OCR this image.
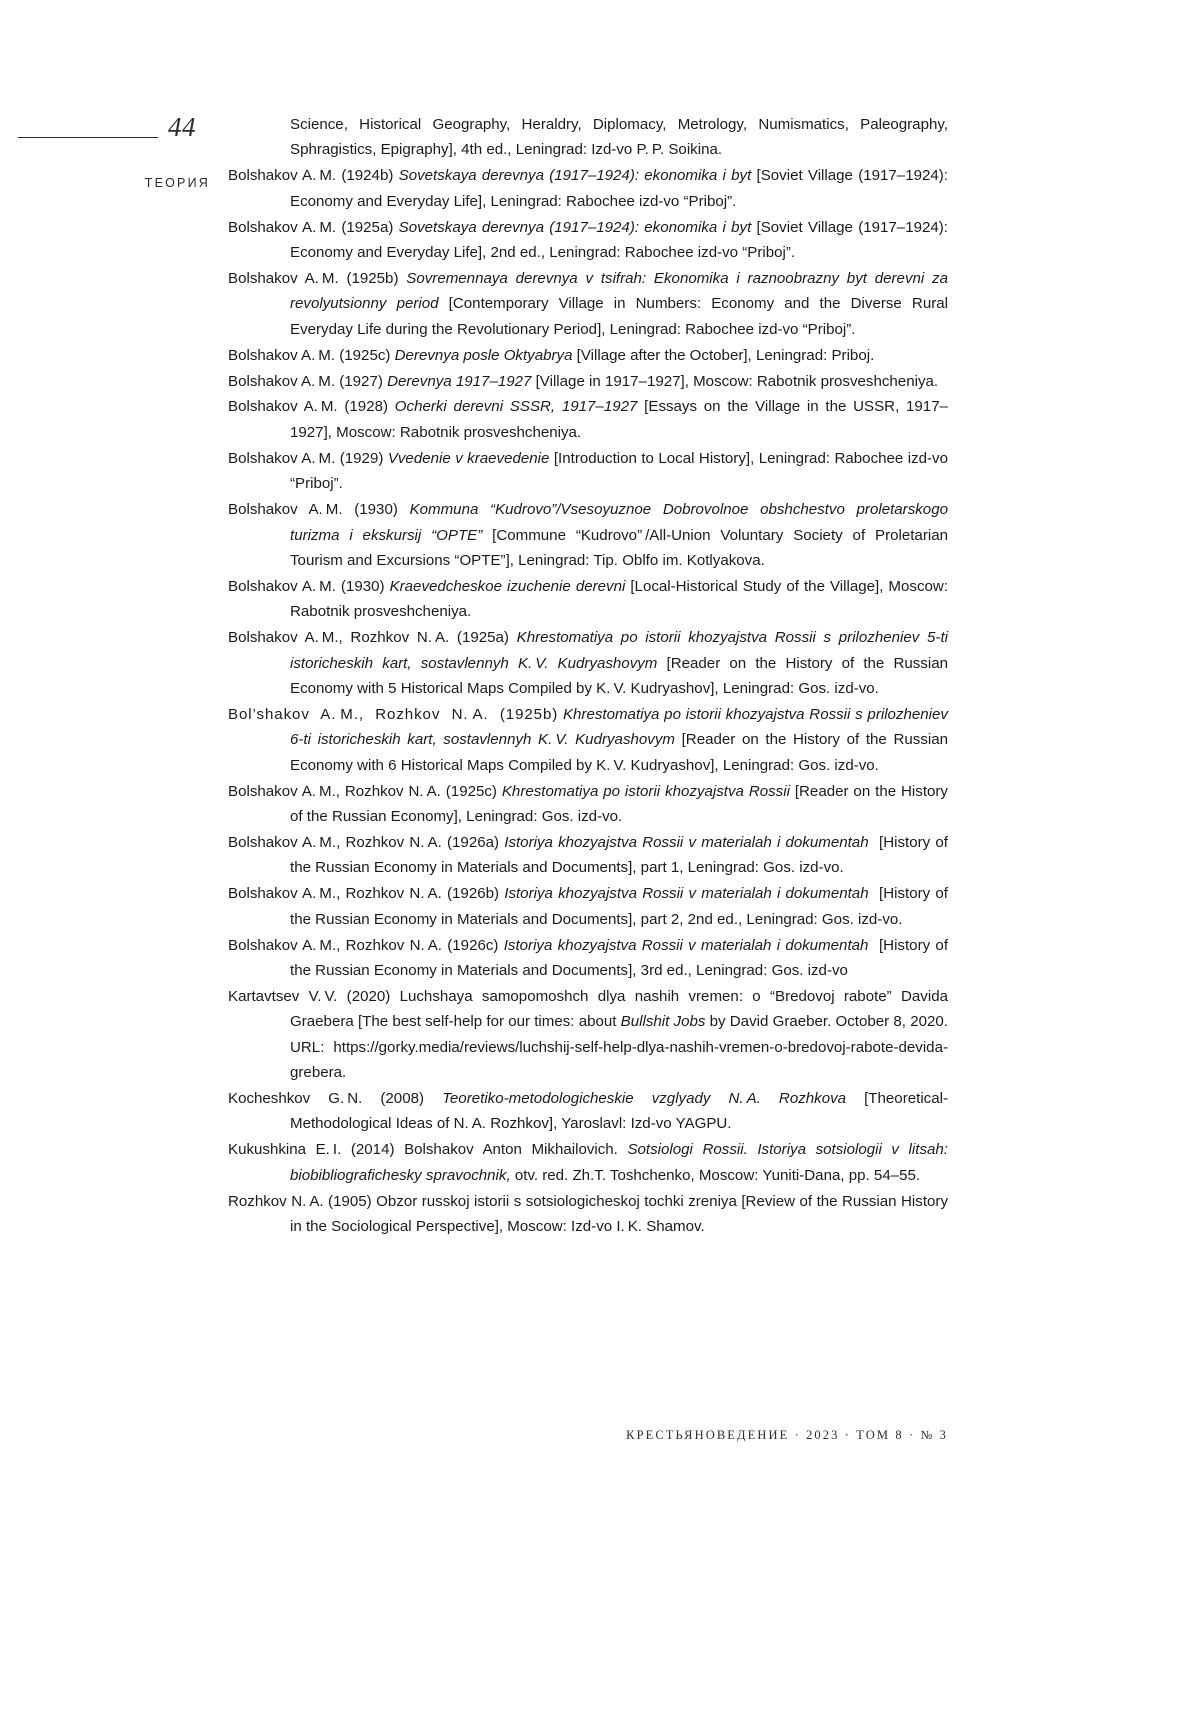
44
ТЕОРИЯ

Science, Historical Geography, Heraldry, Diplomacy, Metrology, Numismatics, Paleography, Sphragistics, Epigraphy], 4th ed., Leningrad: Izd-vo P. P. Soikina.

Bolshakov A. M. (1924b) Sovetskaya derevnya (1917–1924): ekonomika i byt [Soviet Village (1917–1924): Economy and Everyday Life], Leningrad: Rabochee izd-vo “Priboj”.

Bolshakov A. M. (1925a) Sovetskaya derevnya (1917–1924): ekonomika i byt [Soviet Village (1917–1924): Economy and Everyday Life], 2nd ed., Leningrad: Rabochee izd-vo “Priboj”.

Bolshakov A. M. (1925b) Sovremennaya derevnya v tsifrah: Ekonomika i raznoobrazny byt derevni za revolyutsionny period [Contemporary Village in Numbers: Economy and the Diverse Rural Everyday Life during the Revolutionary Period], Leningrad: Rabochee izd-vo “Priboj”.

Bolshakov A. M. (1925c) Derevnya posle Oktyabrya [Village after the October], Leningrad: Priboj.

Bolshakov A. M. (1927) Derevnya 1917–1927 [Village in 1917–1927], Moscow: Rabotnik prosveshcheniya.

Bolshakov A. M. (1928) Ocherki derevni SSSR, 1917–1927 [Essays on the Village in the USSR, 1917–1927], Moscow: Rabotnik prosveshcheniya.

Bolshakov A. M. (1929) Vvedenie v kraevedenie [Introduction to Local History], Leningrad: Rabochee izd-vo “Priboj”.

Bolshakov A. M. (1930) Kommuna “Kudrovo”/Vsesoyuznoe Dobrovolnoe obshchestvo proletarskogo turizma i ekskursij “OPTE” [Commune “Kudrovo” /All-Union Voluntary Society of Proletarian Tourism and Excursions “OPTE”], Leningrad: Tip. Oblfo im. Kotlyakova.

Bolshakov A. M. (1930) Kraevedcheskoe izuchenie derevni [Local-Historical Study of the Village], Moscow: Rabotnik prosveshcheniya.

Bolshakov A. M., Rozhkov N. A. (1925a) Khrestomatiya po istorii khozyajstva Rossii s prilozheniev 5-ti istoricheskih kart, sostavlennyh K. V. Kudryashovym [Reader on the History of the Russian Economy with 5 Historical Maps Compiled by K. V. Kudryashov], Leningrad: Gos. izd-vo.

Bol’shakov  A. M.,  Rozhkov  N. A.  (1925b) Khrestomatiya po istorii khozyajstva Rossii s prilozheniev 6-ti istoricheskih kart, sostavlennyh K. V. Kudryashovym [Reader on the History of the Russian Economy with 6 Historical Maps Compiled by K. V. Kudryashov], Leningrad: Gos. izd-vo.

Bolshakov A. M., Rozhkov N. A. (1925c) Khrestomatiya po istorii khozyajstva Rossii [Reader on the History of the Russian Economy], Leningrad: Gos. izd-vo.

Bolshakov A. M., Rozhkov N. A. (1926a) Istoriya khozyajstva Rossii v materialah i dokumentah  [History of the Russian Economy in Materials and Documents], part 1, Leningrad: Gos. izd-vo.

Bolshakov A. M., Rozhkov N. A. (1926b) Istoriya khozyajstva Rossii v materialah i dokumentah  [History of the Russian Economy in Materials and Documents], part 2, 2nd ed., Leningrad: Gos. izd-vo.

Bolshakov A. M., Rozhkov N. A. (1926c) Istoriya khozyajstva Rossii v materialah i dokumentah  [History of the Russian Economy in Materials and Documents], 3rd ed., Leningrad: Gos. izd-vo

Kartavtsev V. V. (2020) Luchshaya samopomoshch dlya nashih vremen: o “Bredovoj rabote” Davida Graebera [The best self-help for our times: about Bullshit Jobs by David Graeber. October 8, 2020. URL: https://gorky.media/reviews/luchshij-self-help-dlya-nashih-vremen-o-bredovoj-rabote-devida-grebera.

Kocheshkov G. N. (2008) Teoretiko-metodologicheskie vzglyady N. A. Rozhkova [Theoretical-Methodological Ideas of N. A. Rozhkov], Yaroslavl: Izd-vo YAGPU.

Kukushkina E. I. (2014) Bolshakov Anton Mikhailovich. Sotsiologi Rossii. Istoriya sotsiologii v litsah: biobibliografichesky spravochnik, otv. red. Zh.T. Toshchenko, Moscow: Yuniti-Dana, pp. 54–55.

Rozhkov N. A. (1905) Obzor russkoj istorii s sotsiologicheskoj tochki zreniya [Review of the Russian History in the Sociological Perspective], Moscow: Izd-vo I. K. Shamov.

КРЕСТЬЯНОВЕДЕНИЕ · 2023 · ТОМ 8 · № 3
